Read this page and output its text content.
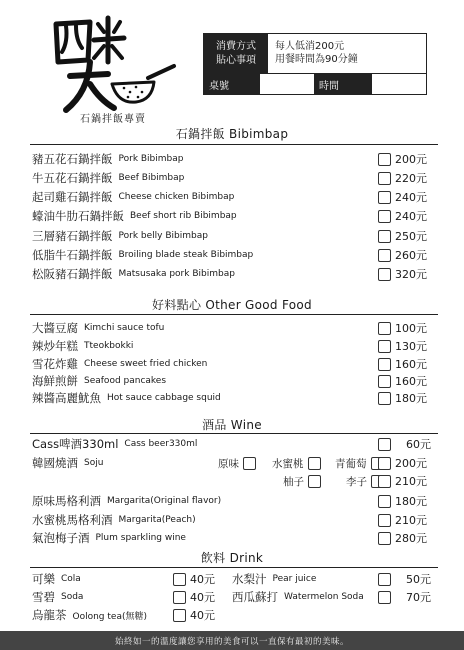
石鍋拌飯專賣
消費方式
貼心事項
每人低消200元
用餐時間為90分鐘
桌號	時間
石鍋拌飯 Bibimbap
豬五花石鍋拌飯 Pork Bibimbap	200元
牛五花石鍋拌飯 Beef Bibimbap	220元
起司雞石鍋拌飯 Cheese chicken Bibimbap	240元
蠔油牛肋石鍋拌飯 Beef short rib Bibimbap	240元
三層豬石鍋拌飯 Pork belly Bibimbap	250元
低脂牛石鍋拌飯 Broiling blade steak Bibimbap	260元
松阪豬石鍋拌飯 Matsusaka pork Bibimbap	320元
好料點心 Other Good Food
大醬豆腐 Kimchi sauce tofu	100元
辣炒年糕 Tteokbokki	130元
雪花炸雞 Cheese sweet fried chicken	160元
海鮮煎餅 Seafood pancakes	160元
辣醬高麗魷魚 Hot sauce cabbage squid	180元
酒品 Wine
Cass啤酒330ml Cass beer330ml	60元
韓國燒酒 Soju	原味	水蜜桃	青葡萄	200元
柚子	李子	210元
原味馬格利酒 Margarita(Original flavor)	180元
水蜜桃馬格利酒 Margarita(Peach)	210元
氣泡梅子酒 Plum sparkling wine	280元
飲料 Drink
可樂 Cola	40元 水梨汁 Pear juice	50元
雪碧 Soda	40元 西瓜蘇打 Watermelon Soda	70元
烏龍茶 Oolong tea(無糖)	40元
始終如一的溫度讓您享用的美食可以一直保有最初的美味。
